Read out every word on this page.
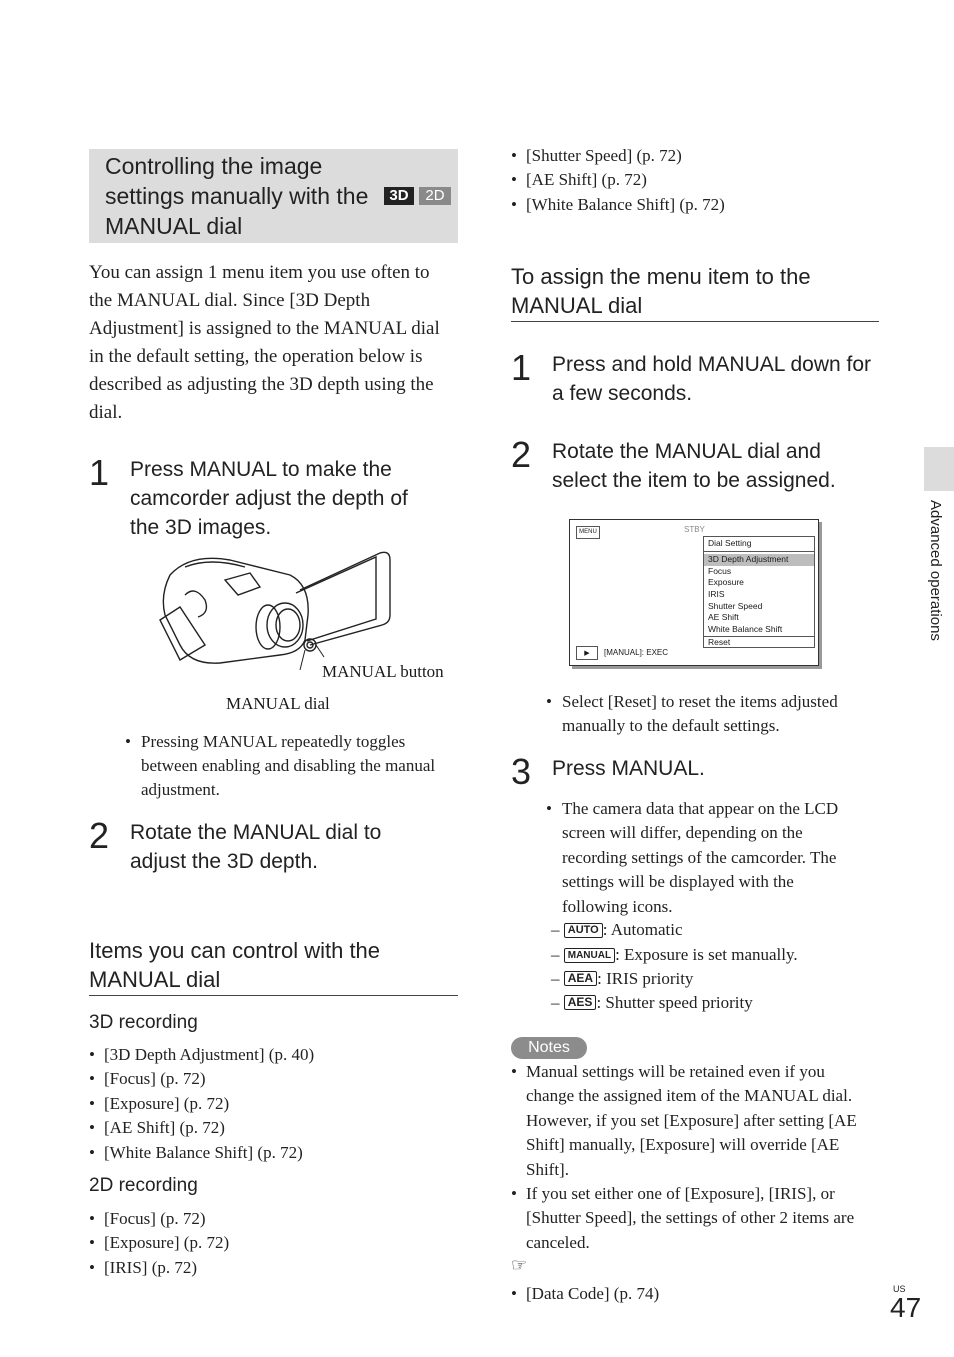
Controlling the image settings manually with the MANUAL dial
3D	2D
You can assign 1 menu item you use often to the MANUAL dial. Since [3D Depth Adjustment] is assigned to the MANUAL dial in the default setting, the operation below is described as adjusting the 3D depth using the dial.
1 Press MANUAL to make the camcorder adjust the depth of the 3D images.
MANUAL button
MANUAL dial
• Pressing MANUAL repeatedly toggles between enabling and disabling the manual adjustment.
2 Rotate the MANUAL dial to adjust the 3D depth.
Items you can control with the MANUAL dial
3D recording
• [3D Depth Adjustment] (p. 40)
• [Focus] (p. 72)
• [Exposure] (p. 72)
• [AE Shift] (p. 72)
• [White Balance Shift] (p. 72)
2D recording
• [Focus] (p. 72)
• [Exposure] (p. 72)
• [IRIS] (p. 72)
• [Shutter Speed] (p. 72)
• [AE Shift] (p. 72)
• [White Balance Shift] (p. 72)
To assign the menu item to the MANUAL dial
1 Press and hold MANUAL down for a few seconds.
2 Rotate the MANUAL dial and select the item to be assigned.
MENU	STBY
Dial Setting
3D Depth Adjustment
Focus
Exposure
IRIS
Shutter Speed
AE Shift
White Balance Shift
Reset
▶	[MANUAL]: EXEC
• Select [Reset] to reset the items adjusted manually to the default settings.
3 Press MANUAL.
• The camera data that appear on the LCD screen will differ, depending on the recording settings of the camcorder. The settings will be displayed with the following icons.
– AUTO : Automatic
– MANUAL : Exposure is set manually.
– AEA : IRIS priority
– AES : Shutter speed priority
Notes
• Manual settings will be retained even if you change the assigned item of the MANUAL dial. However, if you set [Exposure] after setting [AE Shift] manually, [Exposure] will override [AE Shift].
• If you set either one of [Exposure], [IRIS], or [Shutter Speed], the settings of other 2 items are canceled.
☞
• [Data Code] (p. 74)
Advanced operations
US
47
